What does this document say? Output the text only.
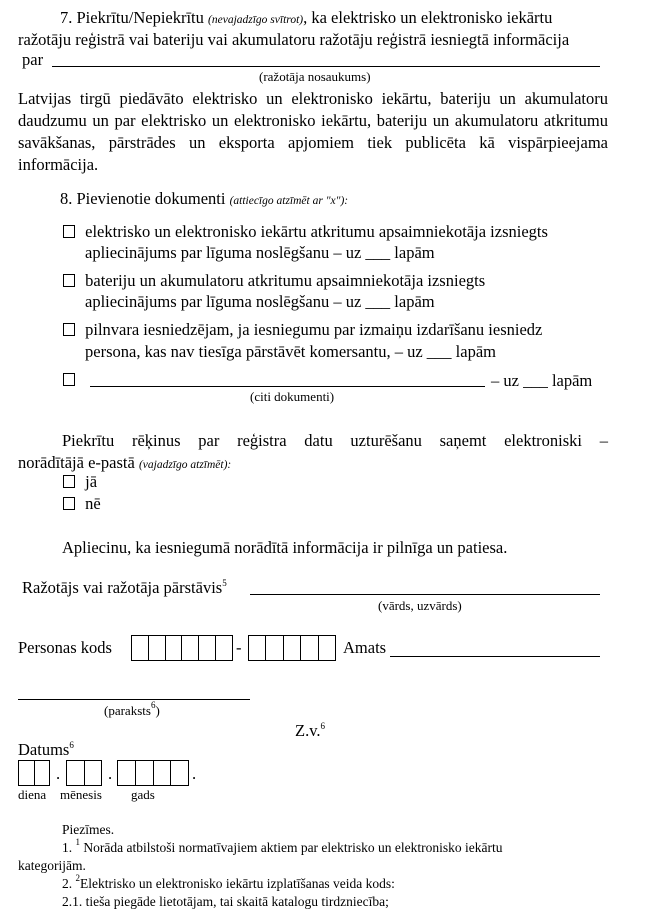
7. Piekrītu/Nepiekrītu (nevajadzīgo svītrot), ka elektrisko un elektronisko iekārtu
ražotāju reģistrā vai bateriju vai akumulatoru ražotāju reģistrā iesniegtā informācija
par
(ražotāja nosaukums)
Latvijas tirgū piedāvāto elektrisko un elektronisko iekārtu, bateriju un akumulatoru daudzumu un par elektrisko un elektronisko iekārtu, bateriju un akumulatoru atkritumu savākšanas, pārstrādes un eksporta apjomiem tiek publicēta kā vispārpieejama informācija.
8. Pievienotie dokumenti (attiecīgo atzīmēt ar "x"):
elektrisko un elektronisko iekārtu atkritumu apsaimniekotāja izsniegts
apliecinājums par līguma noslēgšanu – uz ___ lapām
bateriju un akumulatoru atkritumu apsaimniekotāja izsniegts
apliecinājums par līguma noslēgšanu – uz ___ lapām
pilnvara iesniedzējam, ja iesniegumu par izmaiņu izdarīšanu iesniedz
persona, kas nav tiesīga pārstāvēt komersantu, – uz ___ lapām
– uz ___ lapām
(citi dokumenti)
Piekrītu rēķinus par reģistra datu uzturēšanu saņemt elektroniski –
norādītājā e-pastā (vajadzīgo atzīmēt):
jā
nē
Apliecinu, ka iesniegumā norādītā informācija ir pilnīga un patiesa.
Ražotājs vai ražotāja pārstāvis$^5$
(vārds, uzvārds)
Personas kods	-	Amats
(paraksts$^6$)
Z.v.$^6$
Datums$^6$
.	.	.
diena mēnesis gads
Piezīmes.
1. $^1$ Norāda atbilstoši normatīvajiem aktiem par elektrisko un elektronisko iekārtu
kategorijām.
2. $^2$Elektrisko un elektronisko iekārtu izplatīšanas veida kods:
2.1. tieša piegāde lietotājam, tai skaitā katalogu tirdzniecība;
